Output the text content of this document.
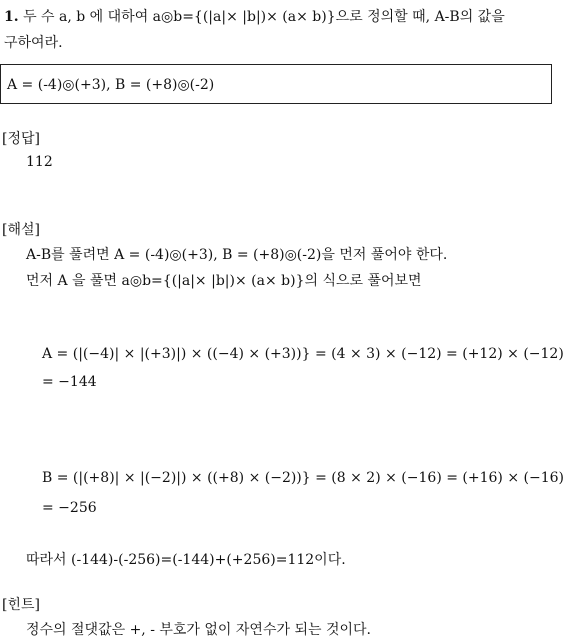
1. 두 수 a, b 에 대하여 a◎b={(|a|× |b|)× (a× b)}으로 정의할 때, A-B의 값을
구하여라.
A = (-4)◎(+3), B = (+8)◎(-2)
[정답]
112
[해설]
A-B를 풀려면 A = (-4)◎(+3), B = (+8)◎(-2)을 먼저 풀어야 한다.
먼저 A 을 풀면 a◎b={(|a|× |b|)× (a× b)}의 식으로 풀어보면
A = (|(−4)| × |(+3)|) × ((−4) × (+3))} = (4 × 3) × (−12) = (+12) × (−12)
= −144
B = (|(+8)| × |(−2)|) × ((+8) × (−2))} = (8 × 2) × (−16) = (+16) × (−16)
= −256
따라서 (-144)-(-256)=(-144)+(+256)=112이다.
[힌트]
정수의 절댓값은 +, - 부호가 없이 자연수가 되는 것이다.
